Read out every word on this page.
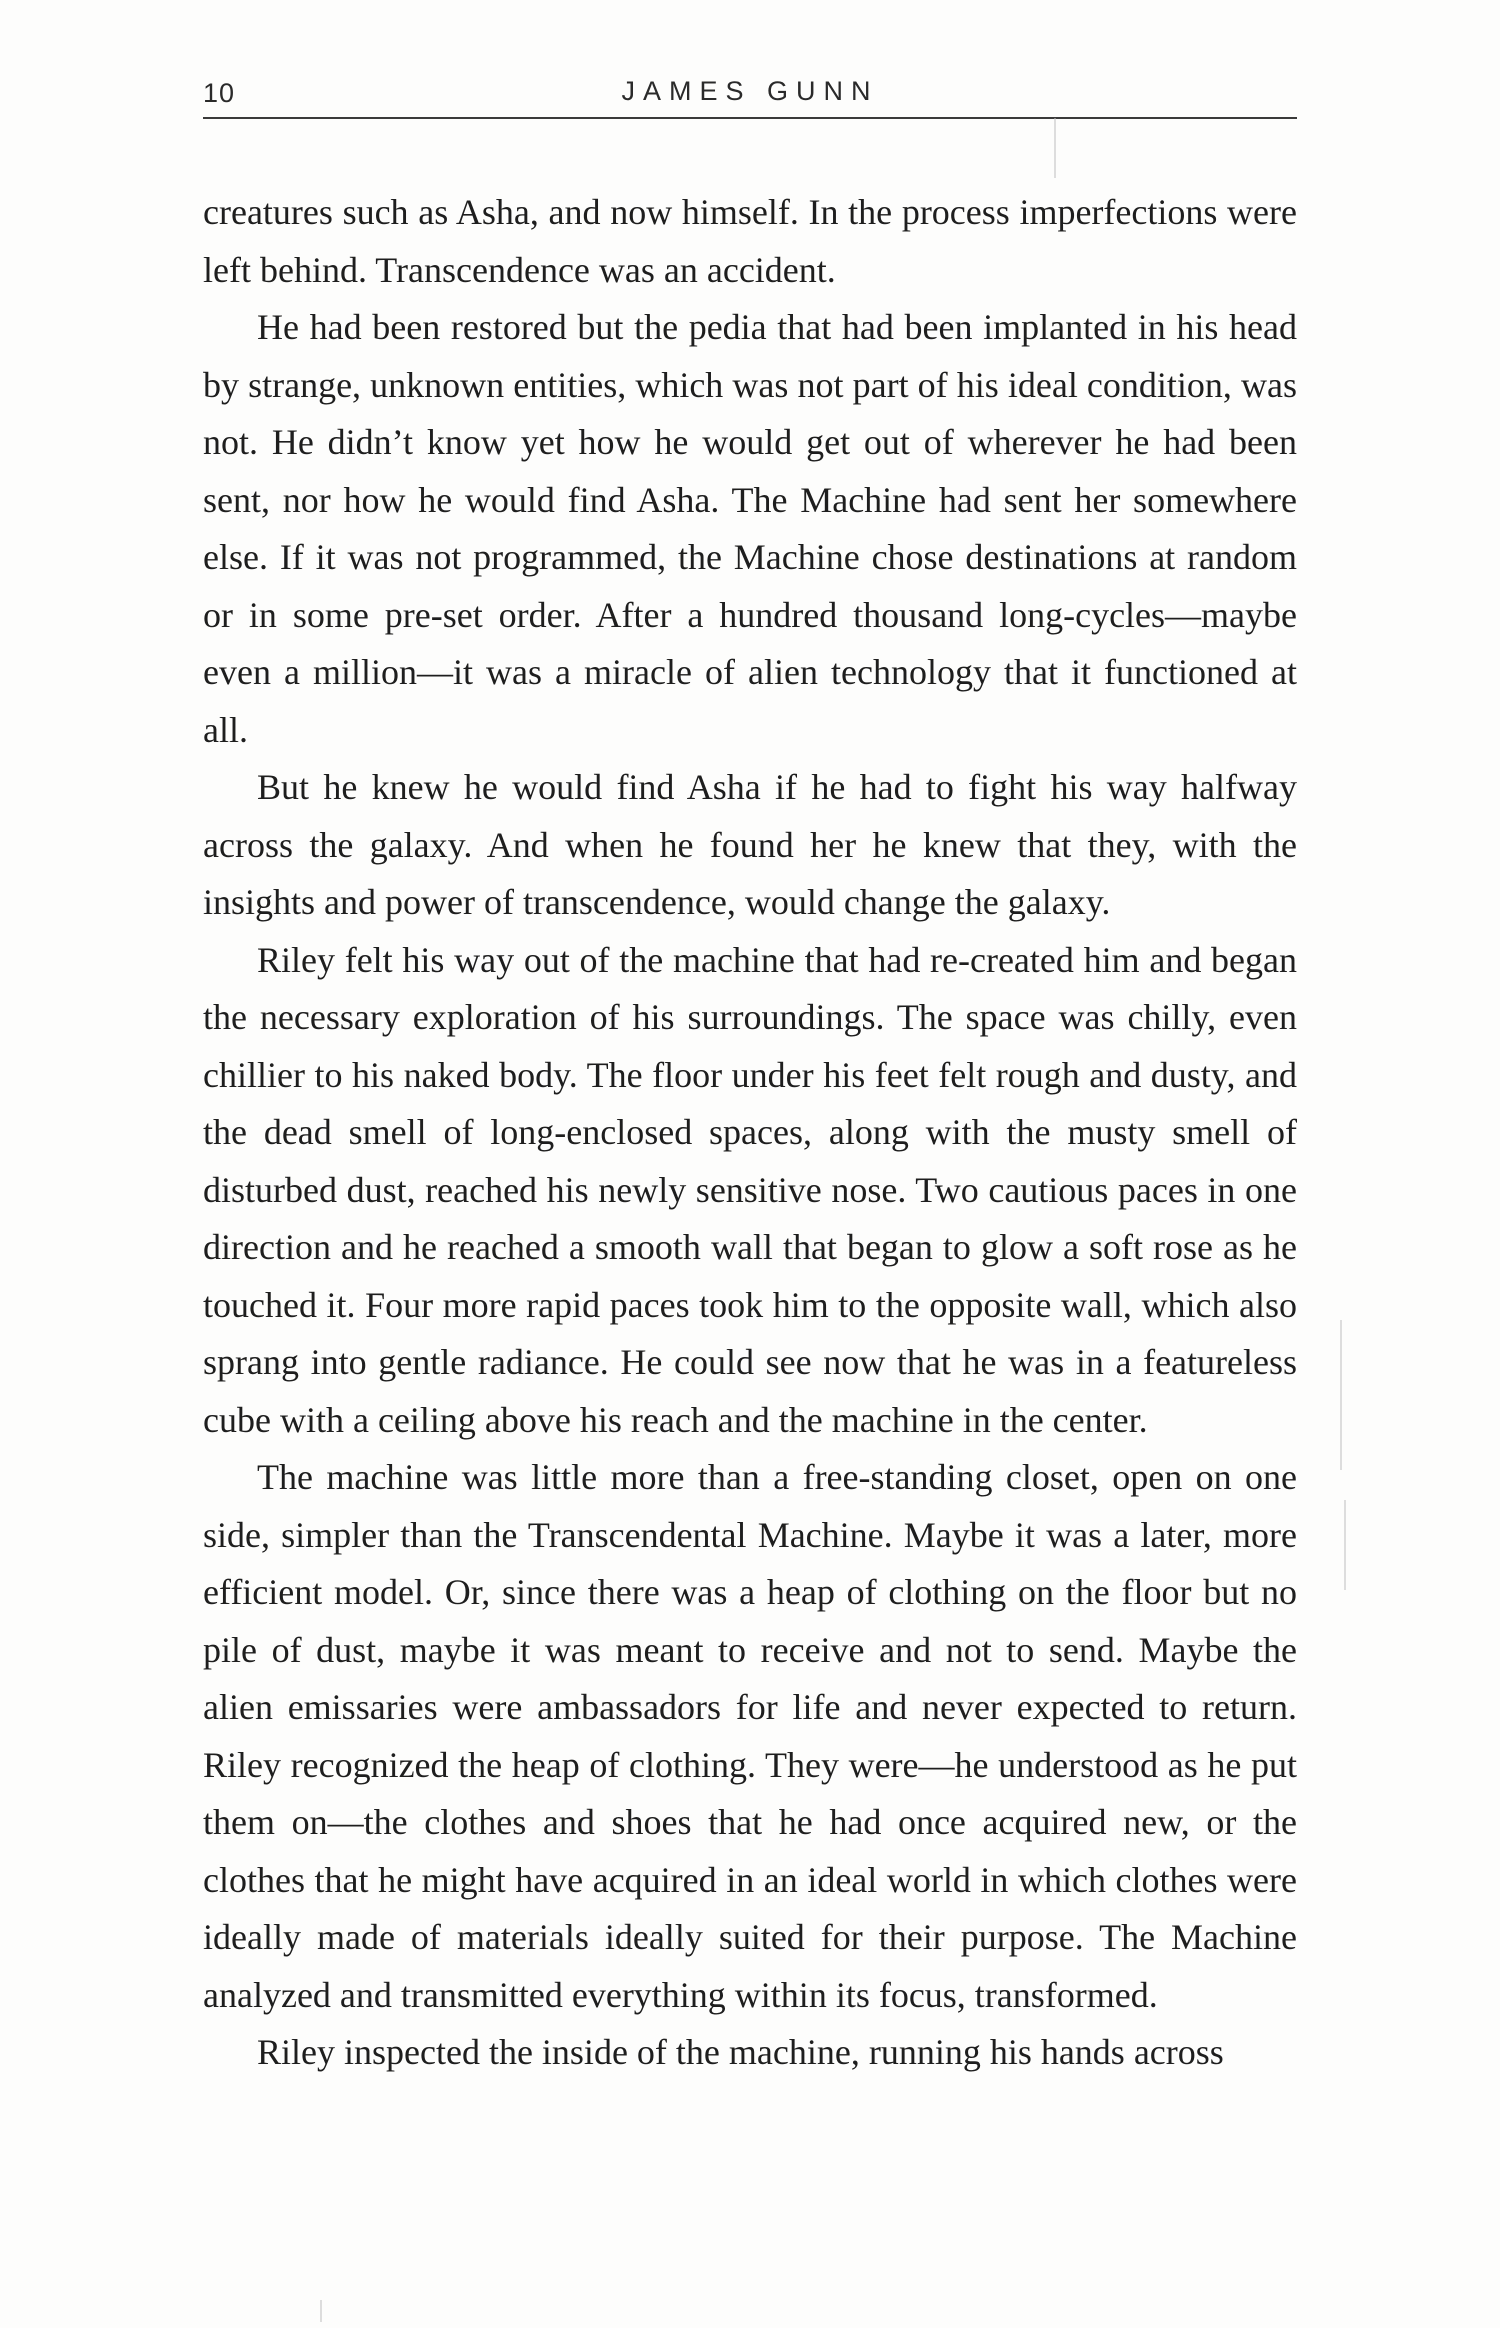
10	JAMES GUNN

creatures such as Asha, and now himself. In the process imperfections were left behind. Transcendence was an accident.

He had been restored but the pedia that had been implanted in his head by strange, unknown entities, which was not part of his ideal condition, was not. He didn’t know yet how he would get out of wherever he had been sent, nor how he would find Asha. The Machine had sent her somewhere else. If it was not programmed, the Machine chose destinations at random or in some pre-set order. After a hundred thousand long-cycles—maybe even a million—it was a miracle of alien technology that it functioned at all.

But he knew he would find Asha if he had to fight his way halfway across the galaxy. And when he found her he knew that they, with the insights and power of transcendence, would change the galaxy.

Riley felt his way out of the machine that had re-created him and began the necessary exploration of his surroundings. The space was chilly, even chillier to his naked body. The floor under his feet felt rough and dusty, and the dead smell of long-enclosed spaces, along with the musty smell of disturbed dust, reached his newly sensitive nose. Two cautious paces in one direction and he reached a smooth wall that began to glow a soft rose as he touched it. Four more rapid paces took him to the opposite wall, which also sprang into gentle radiance. He could see now that he was in a featureless cube with a ceiling above his reach and the machine in the center.

The machine was little more than a free-standing closet, open on one side, simpler than the Transcendental Machine. Maybe it was a later, more efficient model. Or, since there was a heap of clothing on the floor but no pile of dust, maybe it was meant to receive and not to send. Maybe the alien emissaries were ambassadors for life and never expected to return. Riley recognized the heap of clothing. They were—he understood as he put them on—the clothes and shoes that he had once acquired new, or the clothes that he might have acquired in an ideal world in which clothes were ideally made of materials ideally suited for their purpose. The Machine analyzed and transmitted everything within its focus, transformed.

Riley inspected the inside of the machine, running his hands across
